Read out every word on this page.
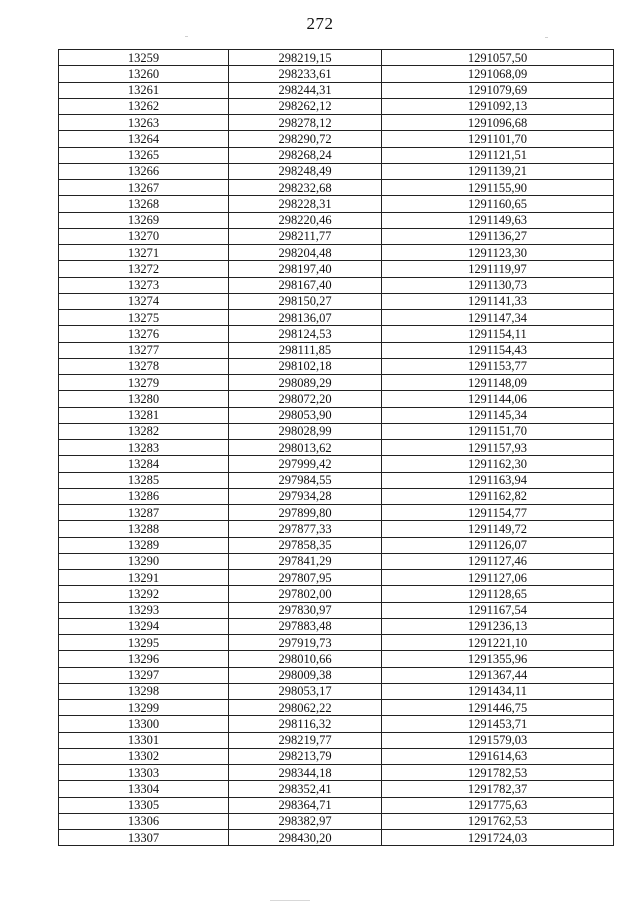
272
13259	298219,15	1291057,50
13260	298233,61	1291068,09
13261	298244,31	1291079,69
13262	298262,12	1291092,13
13263	298278,12	1291096,68
13264	298290,72	1291101,70
13265	298268,24	1291121,51
13266	298248,49	1291139,21
13267	298232,68	1291155,90
13268	298228,31	1291160,65
13269	298220,46	1291149,63
13270	298211,77	1291136,27
13271	298204,48	1291123,30
13272	298197,40	1291119,97
13273	298167,40	1291130,73
13274	298150,27	1291141,33
13275	298136,07	1291147,34
13276	298124,53	1291154,11
13277	298111,85	1291154,43
13278	298102,18	1291153,77
13279	298089,29	1291148,09
13280	298072,20	1291144,06
13281	298053,90	1291145,34
13282	298028,99	1291151,70
13283	298013,62	1291157,93
13284	297999,42	1291162,30
13285	297984,55	1291163,94
13286	297934,28	1291162,82
13287	297899,80	1291154,77
13288	297877,33	1291149,72
13289	297858,35	1291126,07
13290	297841,29	1291127,46
13291	297807,95	1291127,06
13292	297802,00	1291128,65
13293	297830,97	1291167,54
13294	297883,48	1291236,13
13295	297919,73	1291221,10
13296	298010,66	1291355,96
13297	298009,38	1291367,44
13298	298053,17	1291434,11
13299	298062,22	1291446,75
13300	298116,32	1291453,71
13301	298219,77	1291579,03
13302	298213,79	1291614,63
13303	298344,18	1291782,53
13304	298352,41	1291782,37
13305	298364,71	1291775,63
13306	298382,97	1291762,53
13307	298430,20	1291724,03
